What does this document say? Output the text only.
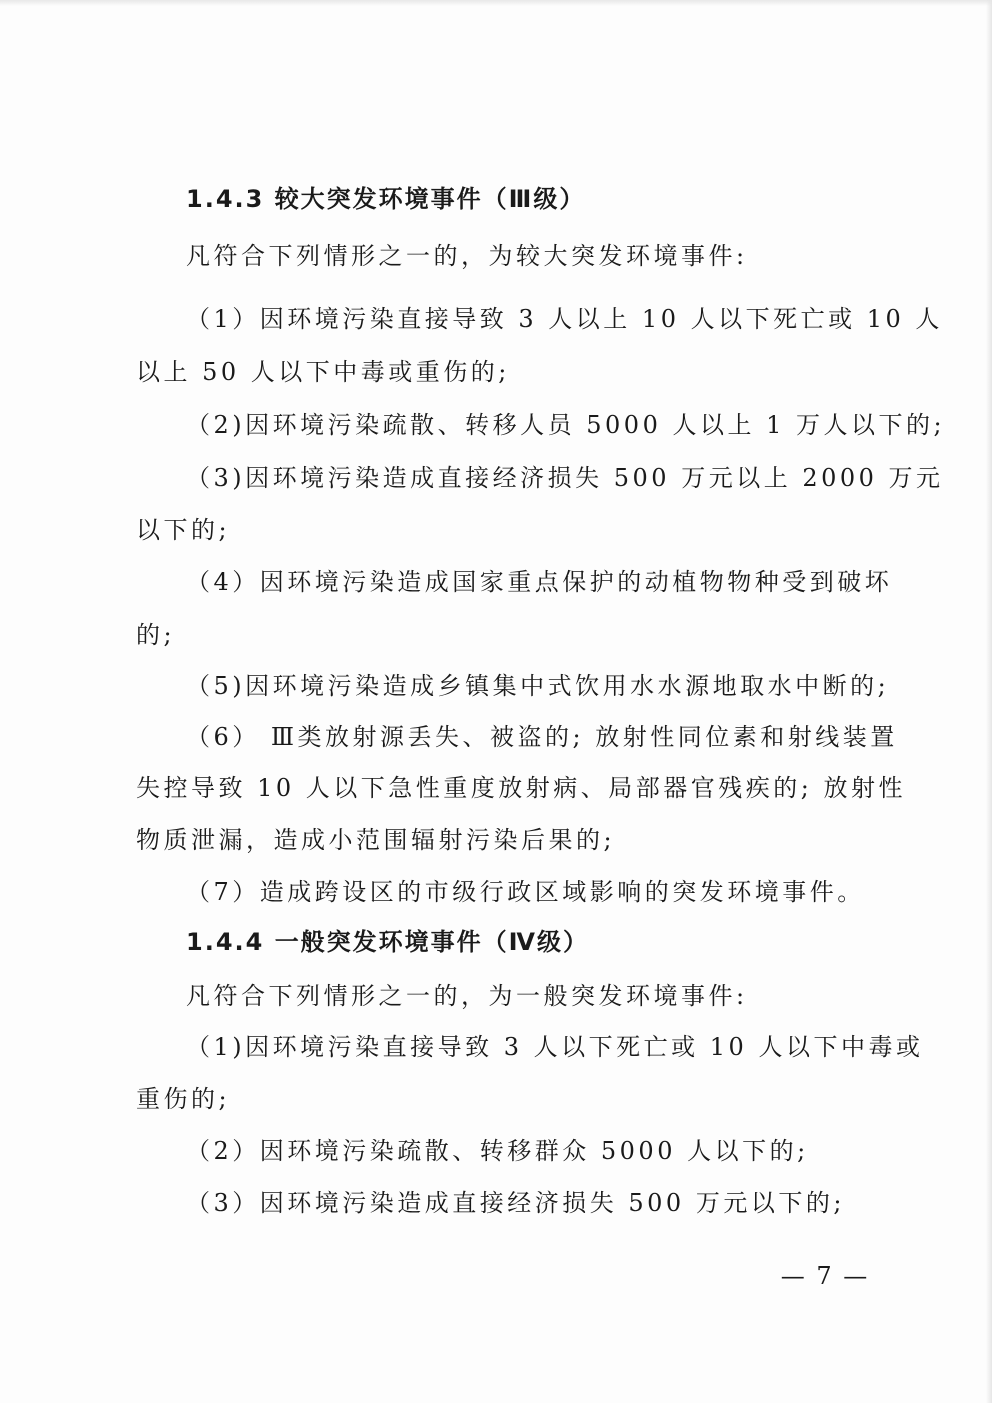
1.4.3 较大突发环境事件（Ⅲ级）
凡符合下列情形之一的，为较大突发环境事件:
（1）因环境污染直接导致 3 人以上 10 人以下死亡或 10 人
以上 50 人以下中毒或重伤的;
（2)因环境污染疏散、转移人员 5000 人以上 1 万人以下的;
（3)因环境污染造成直接经济损失 500 万元以上 2000 万元
以下的;
（4）因环境污染造成国家重点保护的动植物物种受到破坏
的;
（5)因环境污染造成乡镇集中式饮用水水源地取水中断的;
（6） Ⅲ类放射源丢失、被盗的; 放射性同位素和射线装置
失控导致 10 人以下急性重度放射病、局部器官残疾的; 放射性
物质泄漏，造成小范围辐射污染后果的;
（7）造成跨设区的市级行政区域影响的突发环境事件。
1.4.4 一般突发环境事件（Ⅳ级）
凡符合下列情形之一的，为一般突发环境事件:
（1)因环境污染直接导致 3 人以下死亡或 10 人以下中毒或
重伤的;
（2）因环境污染疏散、转移群众 5000 人以下的;
（3）因环境污染造成直接经济损失 500 万元以下的;
— 7 —
